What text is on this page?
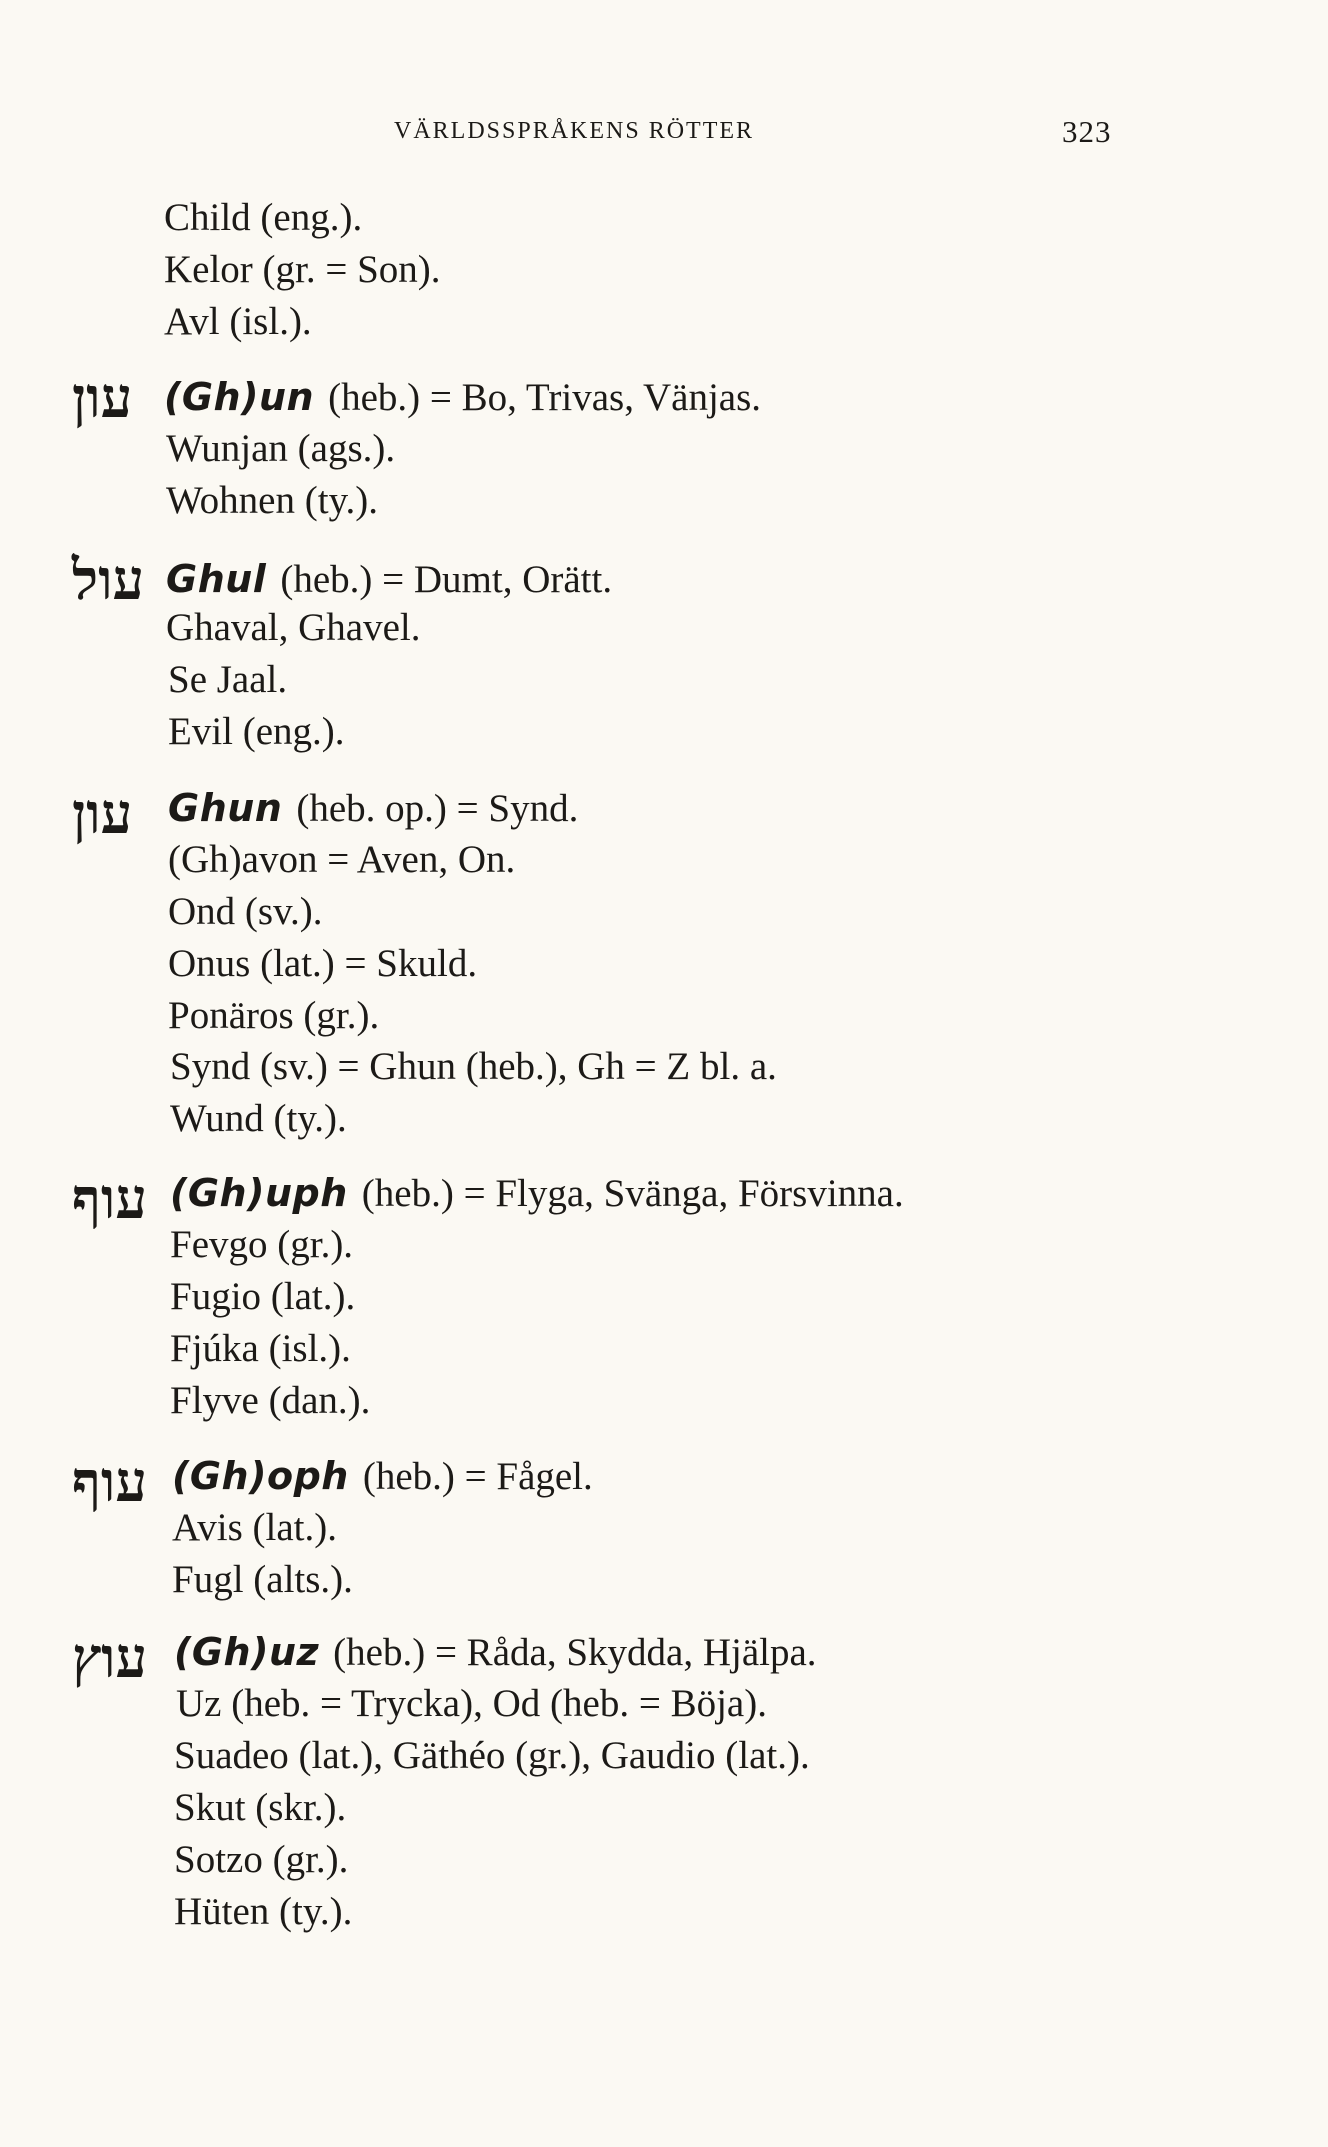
VÄRLDSSPRÅKENS RÖTTER	323
Child (eng.).
Kelor (gr. = Son).
Avl (isl.).
עון (Gh)un (heb.) = Bo, Trivas, Vänjas.
Wunjan (ags.).
Wohnen (ty.).
עול Ghul (heb.) = Dumt, Orätt.
Ghaval, Ghavel.
Se Jaal.
Evil (eng.).
עון Ghun (heb. op.) = Synd.
(Gh)avon = Aven, On.
Ond (sv.).
Onus (lat.) = Skuld.
Ponäros (gr.).
Synd (sv.) = Ghun (heb.), Gh = Z bl. a.
Wund (ty.).
עוף (Gh)uph (heb.) = Flyga, Svänga, Försvinna.
Fevgo (gr.).
Fugio (lat.).
Fjúka (isl.).
Flyve (dan.).
עוף (Gh)oph (heb.) = Fågel.
Avis (lat.).
Fugl (alts.).
עוץ (Gh)uz (heb.) = Råda, Skydda, Hjälpa.
Uz (heb. = Trycka), Od (heb. = Böja).
Suadeo (lat.), Gäthéo (gr.), Gaudio (lat.).
Skut (skr.).
Sotzo (gr.).
Hüten (ty.).
